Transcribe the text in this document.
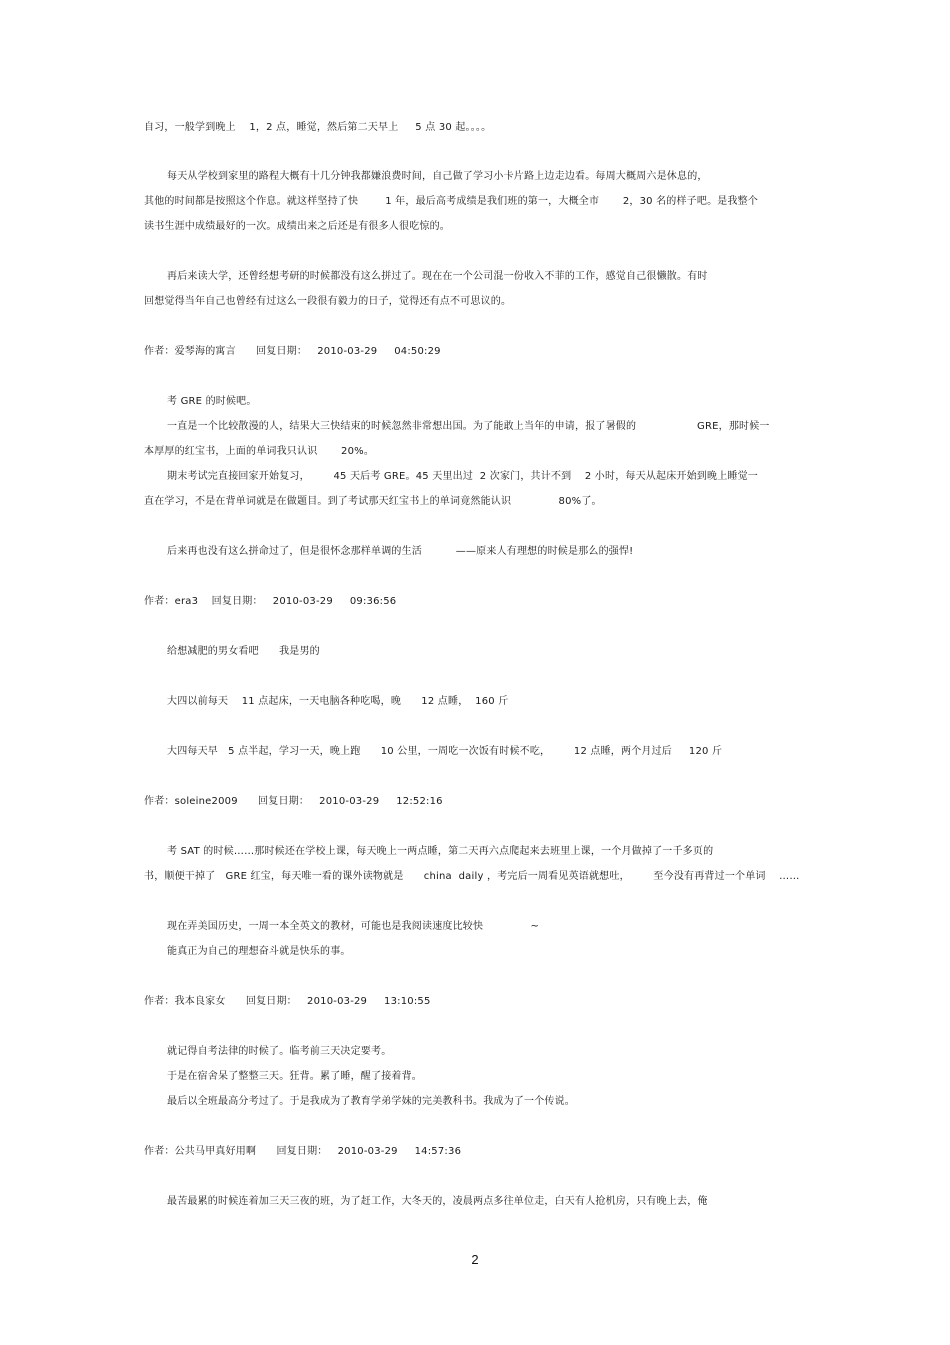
自习，一般学到晚上    1，2 点，睡觉，然后第二天早上     5 点 30 起。。。。
每天从学校到家里的路程大概有十几分钟我都嫌浪费时间，自己做了学习小卡片路上边走边看。每周大概周六是休息的，
其他的时间都是按照这个作息。就这样坚持了快        1 年，最后高考成绩是我们班的第一，大概全市       2，30 名的样子吧。是我整个
读书生涯中成绩最好的一次。成绩出来之后还是有很多人很吃惊的。
再后来读大学，还曾经想考研的时候都没有这么拼过了。现在在一个公司混一份收入不菲的工作，感觉自己很懒散。有时
回想觉得当年自己也曾经有过这么一段很有毅力的日子，觉得还有点不可思议的。
作者：爱琴海的寓言      回复日期：   2010-03-29     04:50:29
考 GRE 的时候吧。
一直是一个比较散漫的人，结果大三快结束的时候忽然非常想出国。为了能敢上当年的申请，报了暑假的                  GRE，那时候一
本厚厚的红宝书，上面的单词我只认识       20%。
期末考试完直接回家开始复习，       45 天后考 GRE。45 天里出过  2 次家门，共计不到    2 小时，每天从起床开始到晚上睡觉一
直在学习，不是在背单词就是在做题目。到了考试那天红宝书上的单词竟然能认识              80%了。
后来再也没有这么拼命过了，但是很怀念那样单调的生活          ——原来人有理想的时候是那么的强悍!
作者：era3    回复日期：   2010-03-29     09:36:56
给想减肥的男女看吧      我是男的
大四以前每天    11 点起床，一天电脑各种吃喝，晚      12 点睡，  160 斤
大四每天早   5 点半起，学习一天，晚上跑      10 公里，一周吃一次饭有时候不吃，       12 点睡，两个月过后     120 斤
作者：soleine2009      回复日期：   2010-03-29     12:52:16
考 SAT 的时候……那时候还在学校上课，每天晚上一两点睡，第二天再六点爬起来去班里上课，一个月做掉了一千多页的
书，顺便干掉了   GRE 红宝，每天唯一看的课外读物就是      china  daily ，考完后一周看见英语就想吐，       至今没有再背过一个单词    ……
现在弄美国历史，一周一本全英文的教材，可能也是我阅读速度比较快              ~
能真正为自己的理想奋斗就是快乐的事。
作者：我本良家女      回复日期：   2010-03-29     13:10:55
就记得自考法律的时候了。临考前三天决定要考。
于是在宿舍呆了整整三天。狂背。累了睡，醒了接着背。
最后以全班最高分考过了。于是我成为了教育学弟学妹的完美教科书。我成为了一个传说。
作者：公共马甲真好用啊      回复日期：   2010-03-29     14:57:36
最苦最累的时候连着加三天三夜的班，为了赶工作，大冬天的，凌晨两点多往单位走，白天有人抢机房，只有晚上去，俺
2
